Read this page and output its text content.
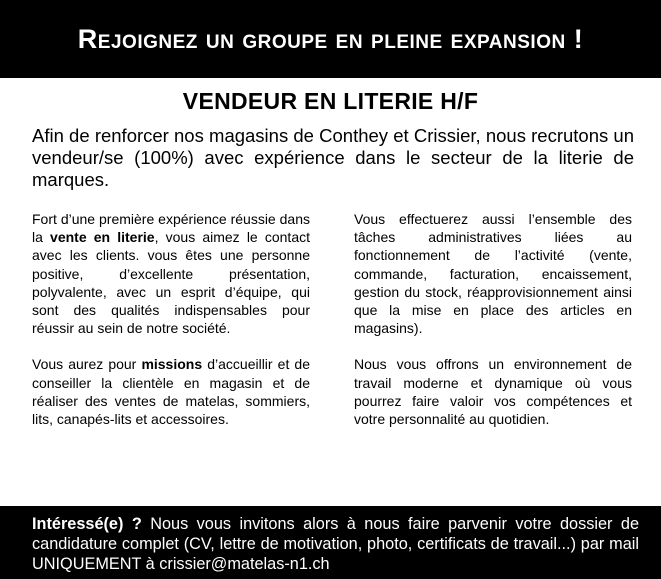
Rejoignez un groupe en pleine expansion !
VENDEUR EN LITERIE H/F
Afin de renforcer nos magasins de Conthey et Crissier, nous recrutons un vendeur/se (100%) avec expérience dans le secteur de la literie de marques.

Fort d’une première expérience réussie dans la vente en literie, vous aimez le contact avec les clients. vous êtes une personne positive, d’excellente présentation, polyvalente, avec un esprit d’équipe, qui sont des qualités indispensables pour réussir au sein de notre société.

Vous aurez pour missions d’accueillir et de conseiller la clientèle en magasin et de réaliser des ventes de matelas, sommiers, lits, canapés-lits et accessoires.

Vous effectuerez aussi l’ensemble des tâches administratives liées au fonctionnement de l’activité (vente, commande, facturation, encaissement, gestion du stock, réapprovisionnement ainsi que la mise en place des articles en magasins).

Nous vous offrons un environnement de travail moderne et dynamique où vous pourrez faire valoir vos compétences et votre personnalité au quotidien.

Intéressé(e) ? Nous vous invitons alors à nous faire parvenir votre dossier de candidature complet (CV, lettre de motivation, photo, certificats de travail...) par mail UNIQUEMENT à crissier@matelas-n1.ch
